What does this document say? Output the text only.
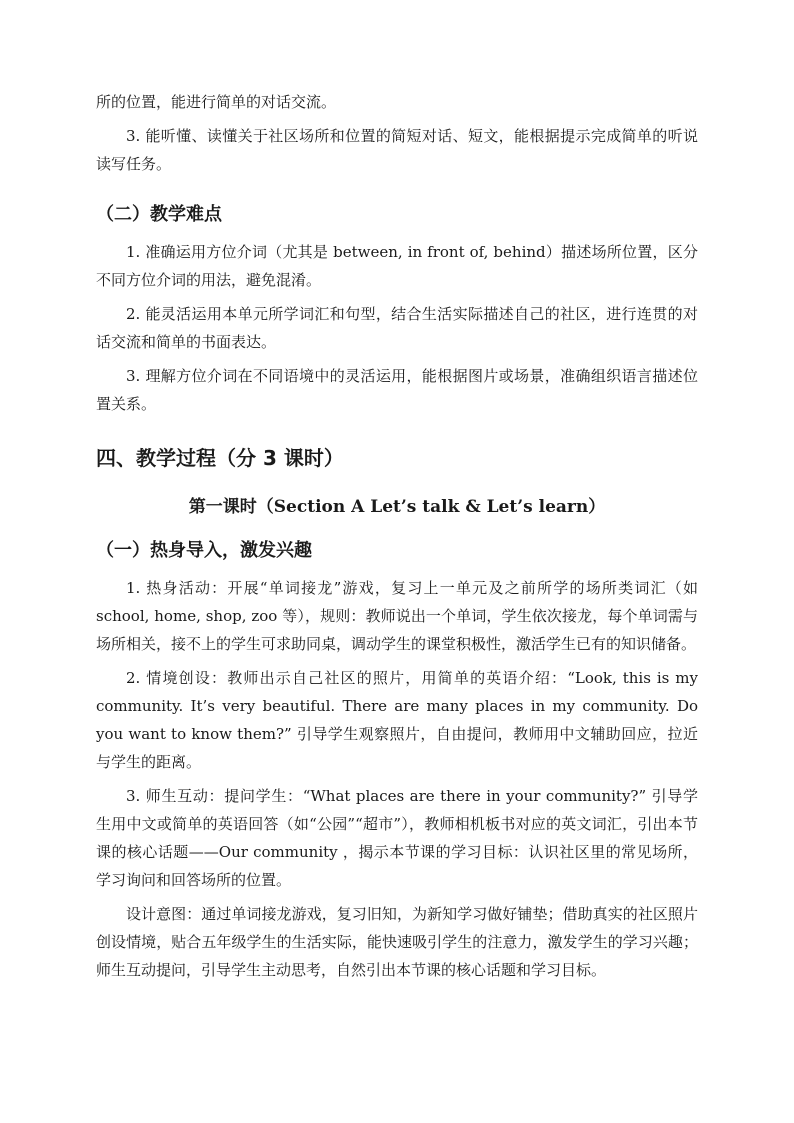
所的位置，能进行简单的对话交流。

3. 能听懂、读懂关于社区场所和位置的简短对话、短文，能根据提示完成简单的听说读写任务。

（二）教学难点

1. 准确运用方位介词（尤其是 between, in front of, behind）描述场所位置，区分不同方位介词的用法，避免混淆。

2. 能灵活运用本单元所学词汇和句型，结合生活实际描述自己的社区，进行连贯的对话交流和简单的书面表达。

3. 理解方位介词在不同语境中的灵活运用，能根据图片或场景，准确组织语言描述位置关系。

四、教学过程（分 3 课时）
第一课时（Section A Let’s talk & Let’s learn）
（一）热身导入，激发兴趣

1. 热身活动：开展“单词接龙”游戏，复习上一单元及之前所学的场所类词汇（如 school, home, shop, zoo 等），规则：教师说出一个单词，学生依次接龙，每个单词需与场所相关，接不上的学生可求助同桌，调动学生的课堂积极性，激活学生已有的知识储备。

2. 情境创设：教师出示自己社区的照片，用简单的英语介绍：“Look, this is my community. It’s very beautiful. There are many places in my community. Do you want to know them?” 引导学生观察照片，自由提问，教师用中文辅助回应，拉近与学生的距离。

3. 师生互动：提问学生：“What places are there in your community?” 引导学生用中文或简单的英语回答（如“公园”“超市”），教师相机板书对应的英文词汇，引出本节课的核心话题——Our community ，揭示本节课的学习目标：认识社区里的常见场所，学习询问和回答场所的位置。

设计意图：通过单词接龙游戏，复习旧知，为新知学习做好铺垫；借助真实的社区照片创设情境，贴合五年级学生的生活实际，能快速吸引学生的注意力，激发学生的学习兴趣；师生互动提问，引导学生主动思考，自然引出本节课的核心话题和学习目标。
